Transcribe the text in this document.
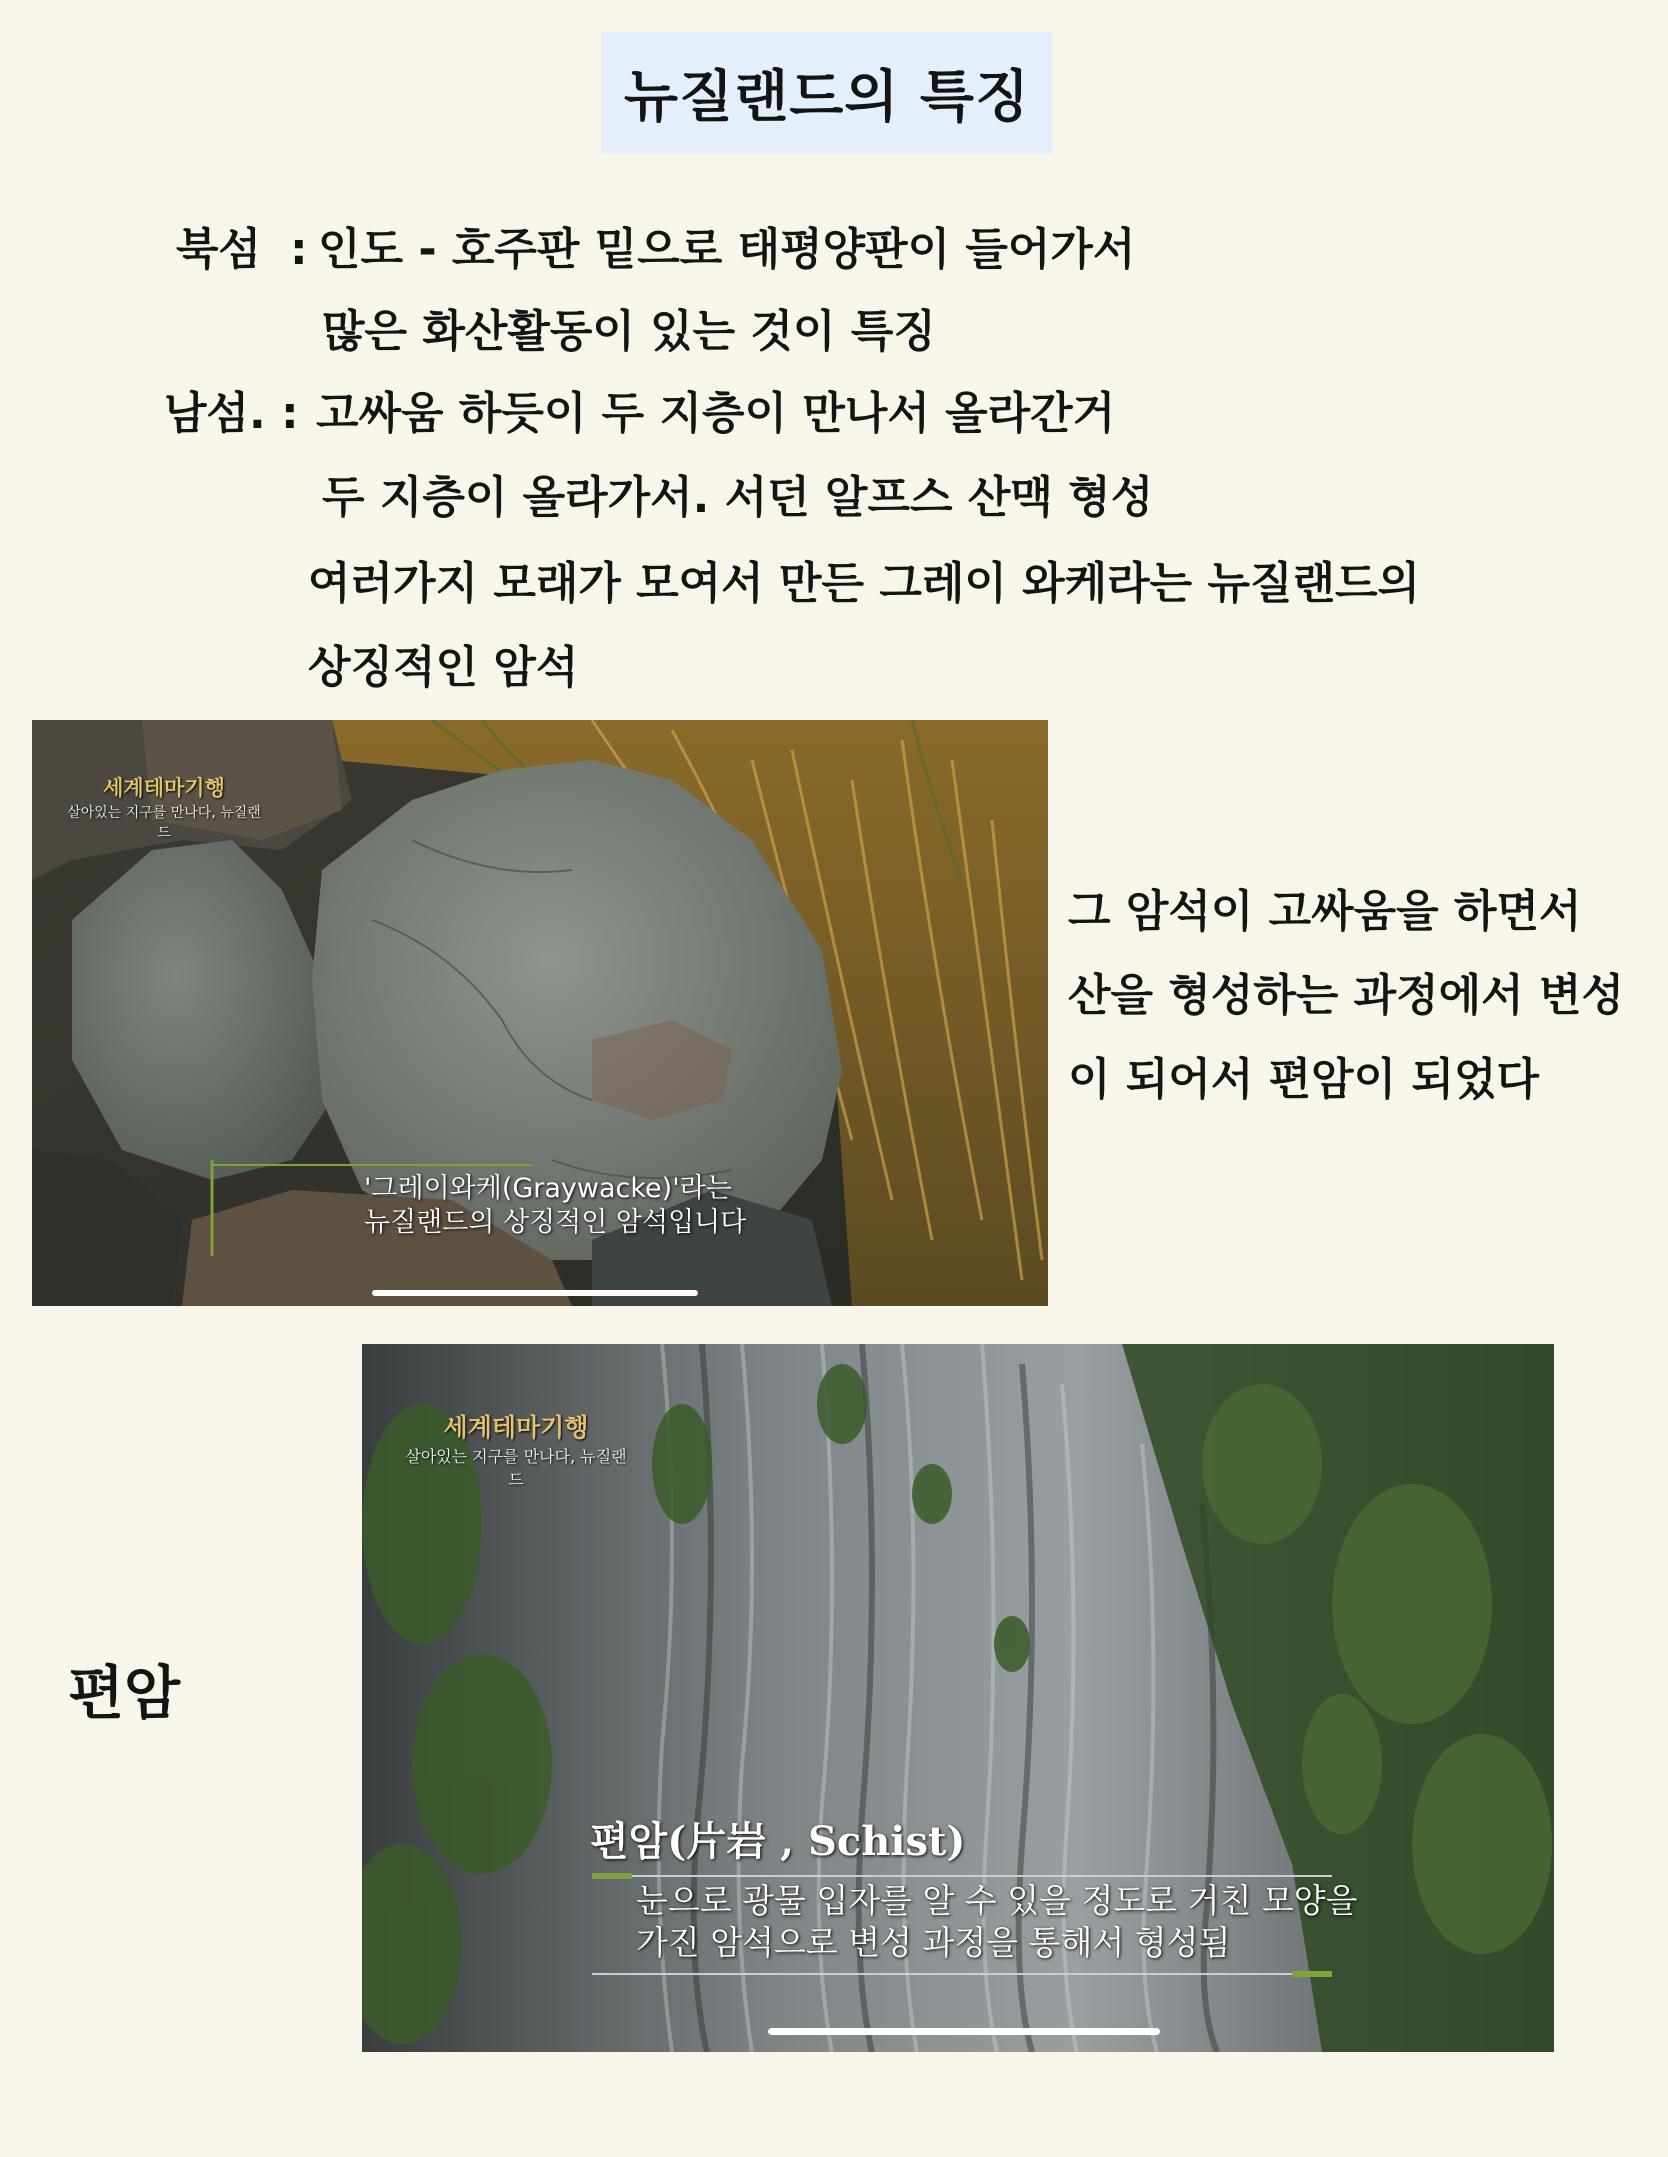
뉴질랜드의 특징
북섬 : 인도 - 호주판 밑으로 태평양판이 들어가서
많은 화산활동이 있는 것이 특징
남섬. : 고싸움 하듯이 두 지층이 만나서 올라간거
두 지층이 올라가서. 서던 알프스 산맥 형성
여러가지 모래가 모여서 만든 그레이 와케라는 뉴질랜드의
상징적인 암석
세계테마기행
살아있는 지구를 만나다, 뉴질랜드
'그레이와케(Graywacke)'라는
뉴질랜드의 상징적인 암석입니다
그 암석이 고싸움을 하면서
산을 형성하는 과정에서 변성
이 되어서 편암이 되었다
편암
세계테마기행
살아있는 지구를 만나다, 뉴질랜드
편암(片岩 , Schist)
눈으로 광물 입자를 알 수 있을 정도로 거친 모양을
가진 암석으로 변성 과정을 통해서 형성됨
